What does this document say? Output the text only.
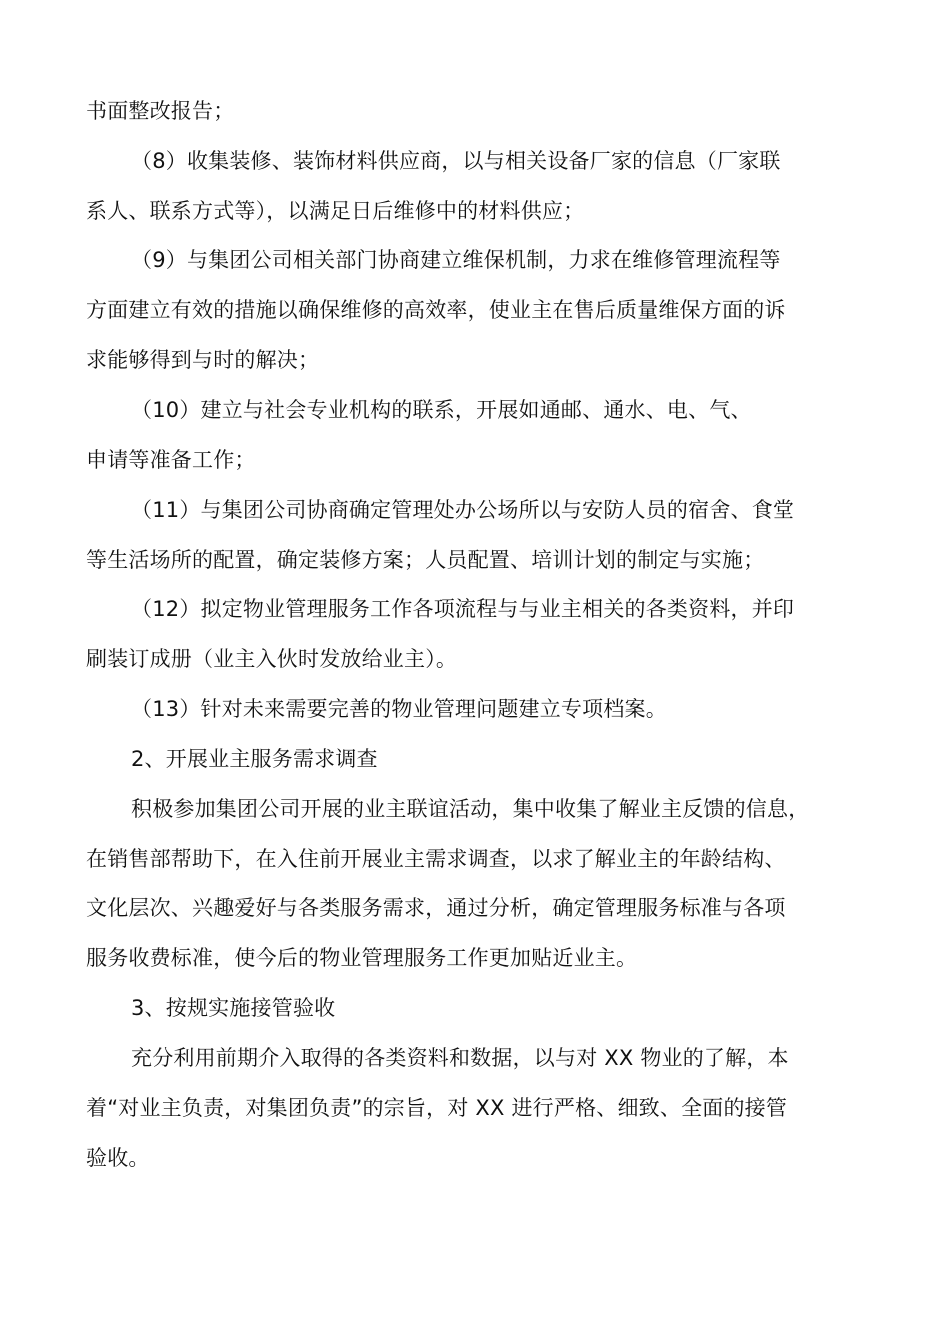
书面整改报告；

（8）收集装修、装饰材料供应商，以与相关设备厂家的信息（厂家联

系人、联系方式等），以满足日后维修中的材料供应；

（9）与集团公司相关部门协商建立维保机制，力求在维修管理流程等

方面建立有效的措施以确保维修的高效率，使业主在售后质量维保方面的诉

求能够得到与时的解决；

（10）建立与社会专业机构的联系，开展如通邮、通水、电、气、

申请等准备工作；

（11）与集团公司协商确定管理处办公场所以与安防人员的宿舍、食堂

等生活场所的配置，确定装修方案；人员配置、培训计划的制定与实施；

（12）拟定物业管理服务工作各项流程与与业主相关的各类资料，并印

刷装订成册（业主入伙时发放给业主）。

（13）针对未来需要完善的物业管理问题建立专项档案。

2、开展业主服务需求调查

积极参加集团公司开展的业主联谊活动，集中收集了解业主反馈的信息，

在销售部帮助下，在入住前开展业主需求调查，以求了解业主的年龄结构、

文化层次、兴趣爱好与各类服务需求，通过分析，确定管理服务标准与各项

服务收费标准，使今后的物业管理服务工作更加贴近业主。

3、按规实施接管验收

充分利用前期介入取得的各类资料和数据，以与对 XX 物业的了解，本

着“对业主负责，对集团负责”的宗旨，对 XX 进行严格、细致、全面的接管

验收。
